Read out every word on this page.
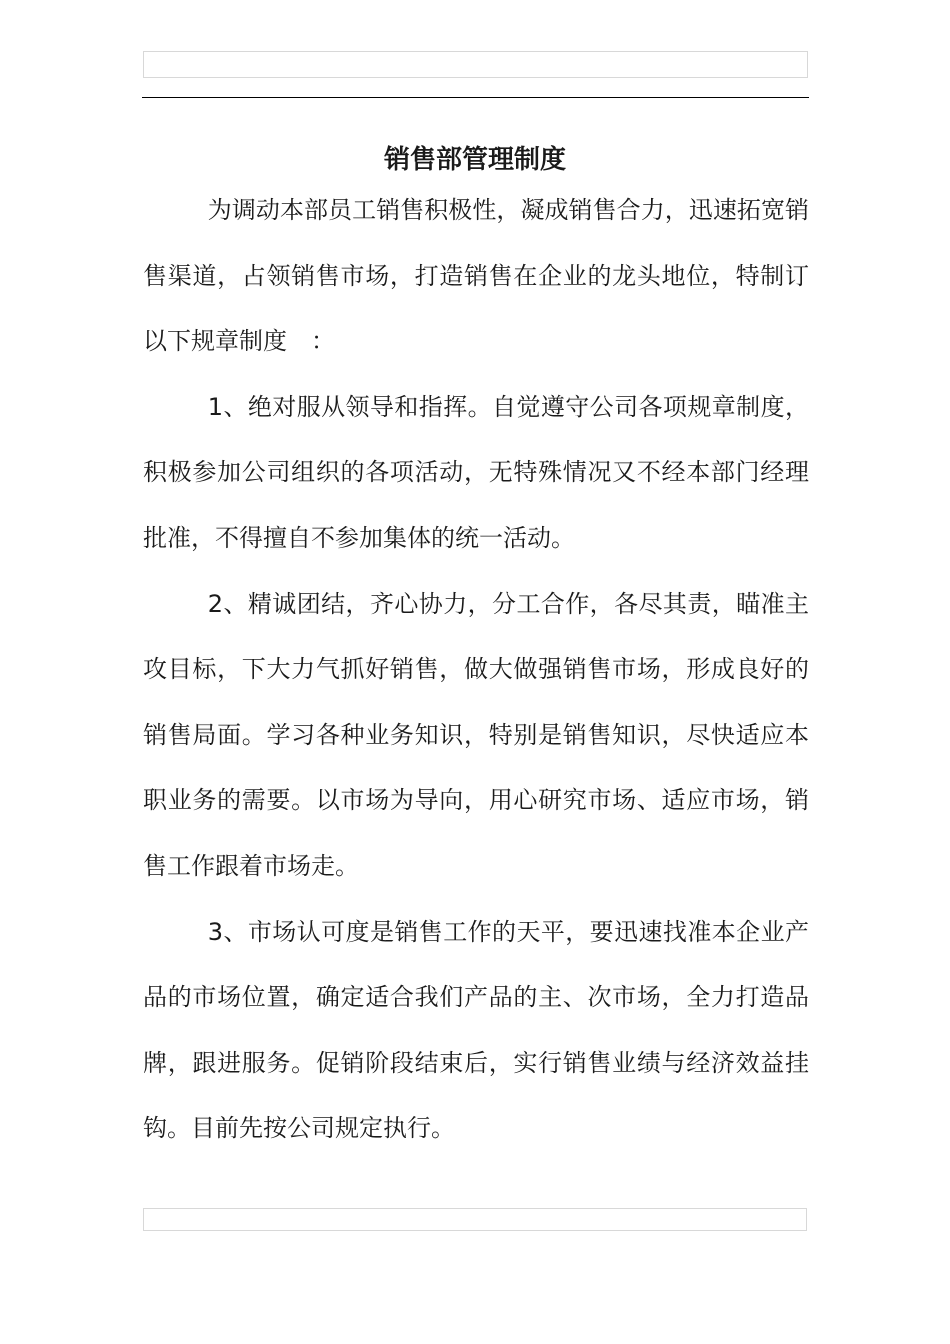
销售部管理制度

为调动本部员工销售积极性，凝成销售合力，迅速拓宽销售渠道，占领销售市场，打造销售在企业的龙头地位，特制订以下规章制度　：

1、绝对服从领导和指挥。自觉遵守公司各项规章制度，积极参加公司组织的各项活动，无特殊情况又不经本部门经理批准，不得擅自不参加集体的统一活动。

2、精诚团结，齐心协力，分工合作，各尽其责，瞄准主攻目标，下大力气抓好销售，做大做强销售市场，形成良好的销售局面。学习各种业务知识，特别是销售知识，尽快适应本职业务的需要。以市场为导向，用心研究市场、适应市场，销售工作跟着市场走。

3、市场认可度是销售工作的天平，要迅速找准本企业产品的市场位置，确定适合我们产品的主、次市场，全力打造品牌，跟进服务。促销阶段结束后，实行销售业绩与经济效益挂钩。目前先按公司规定执行。
